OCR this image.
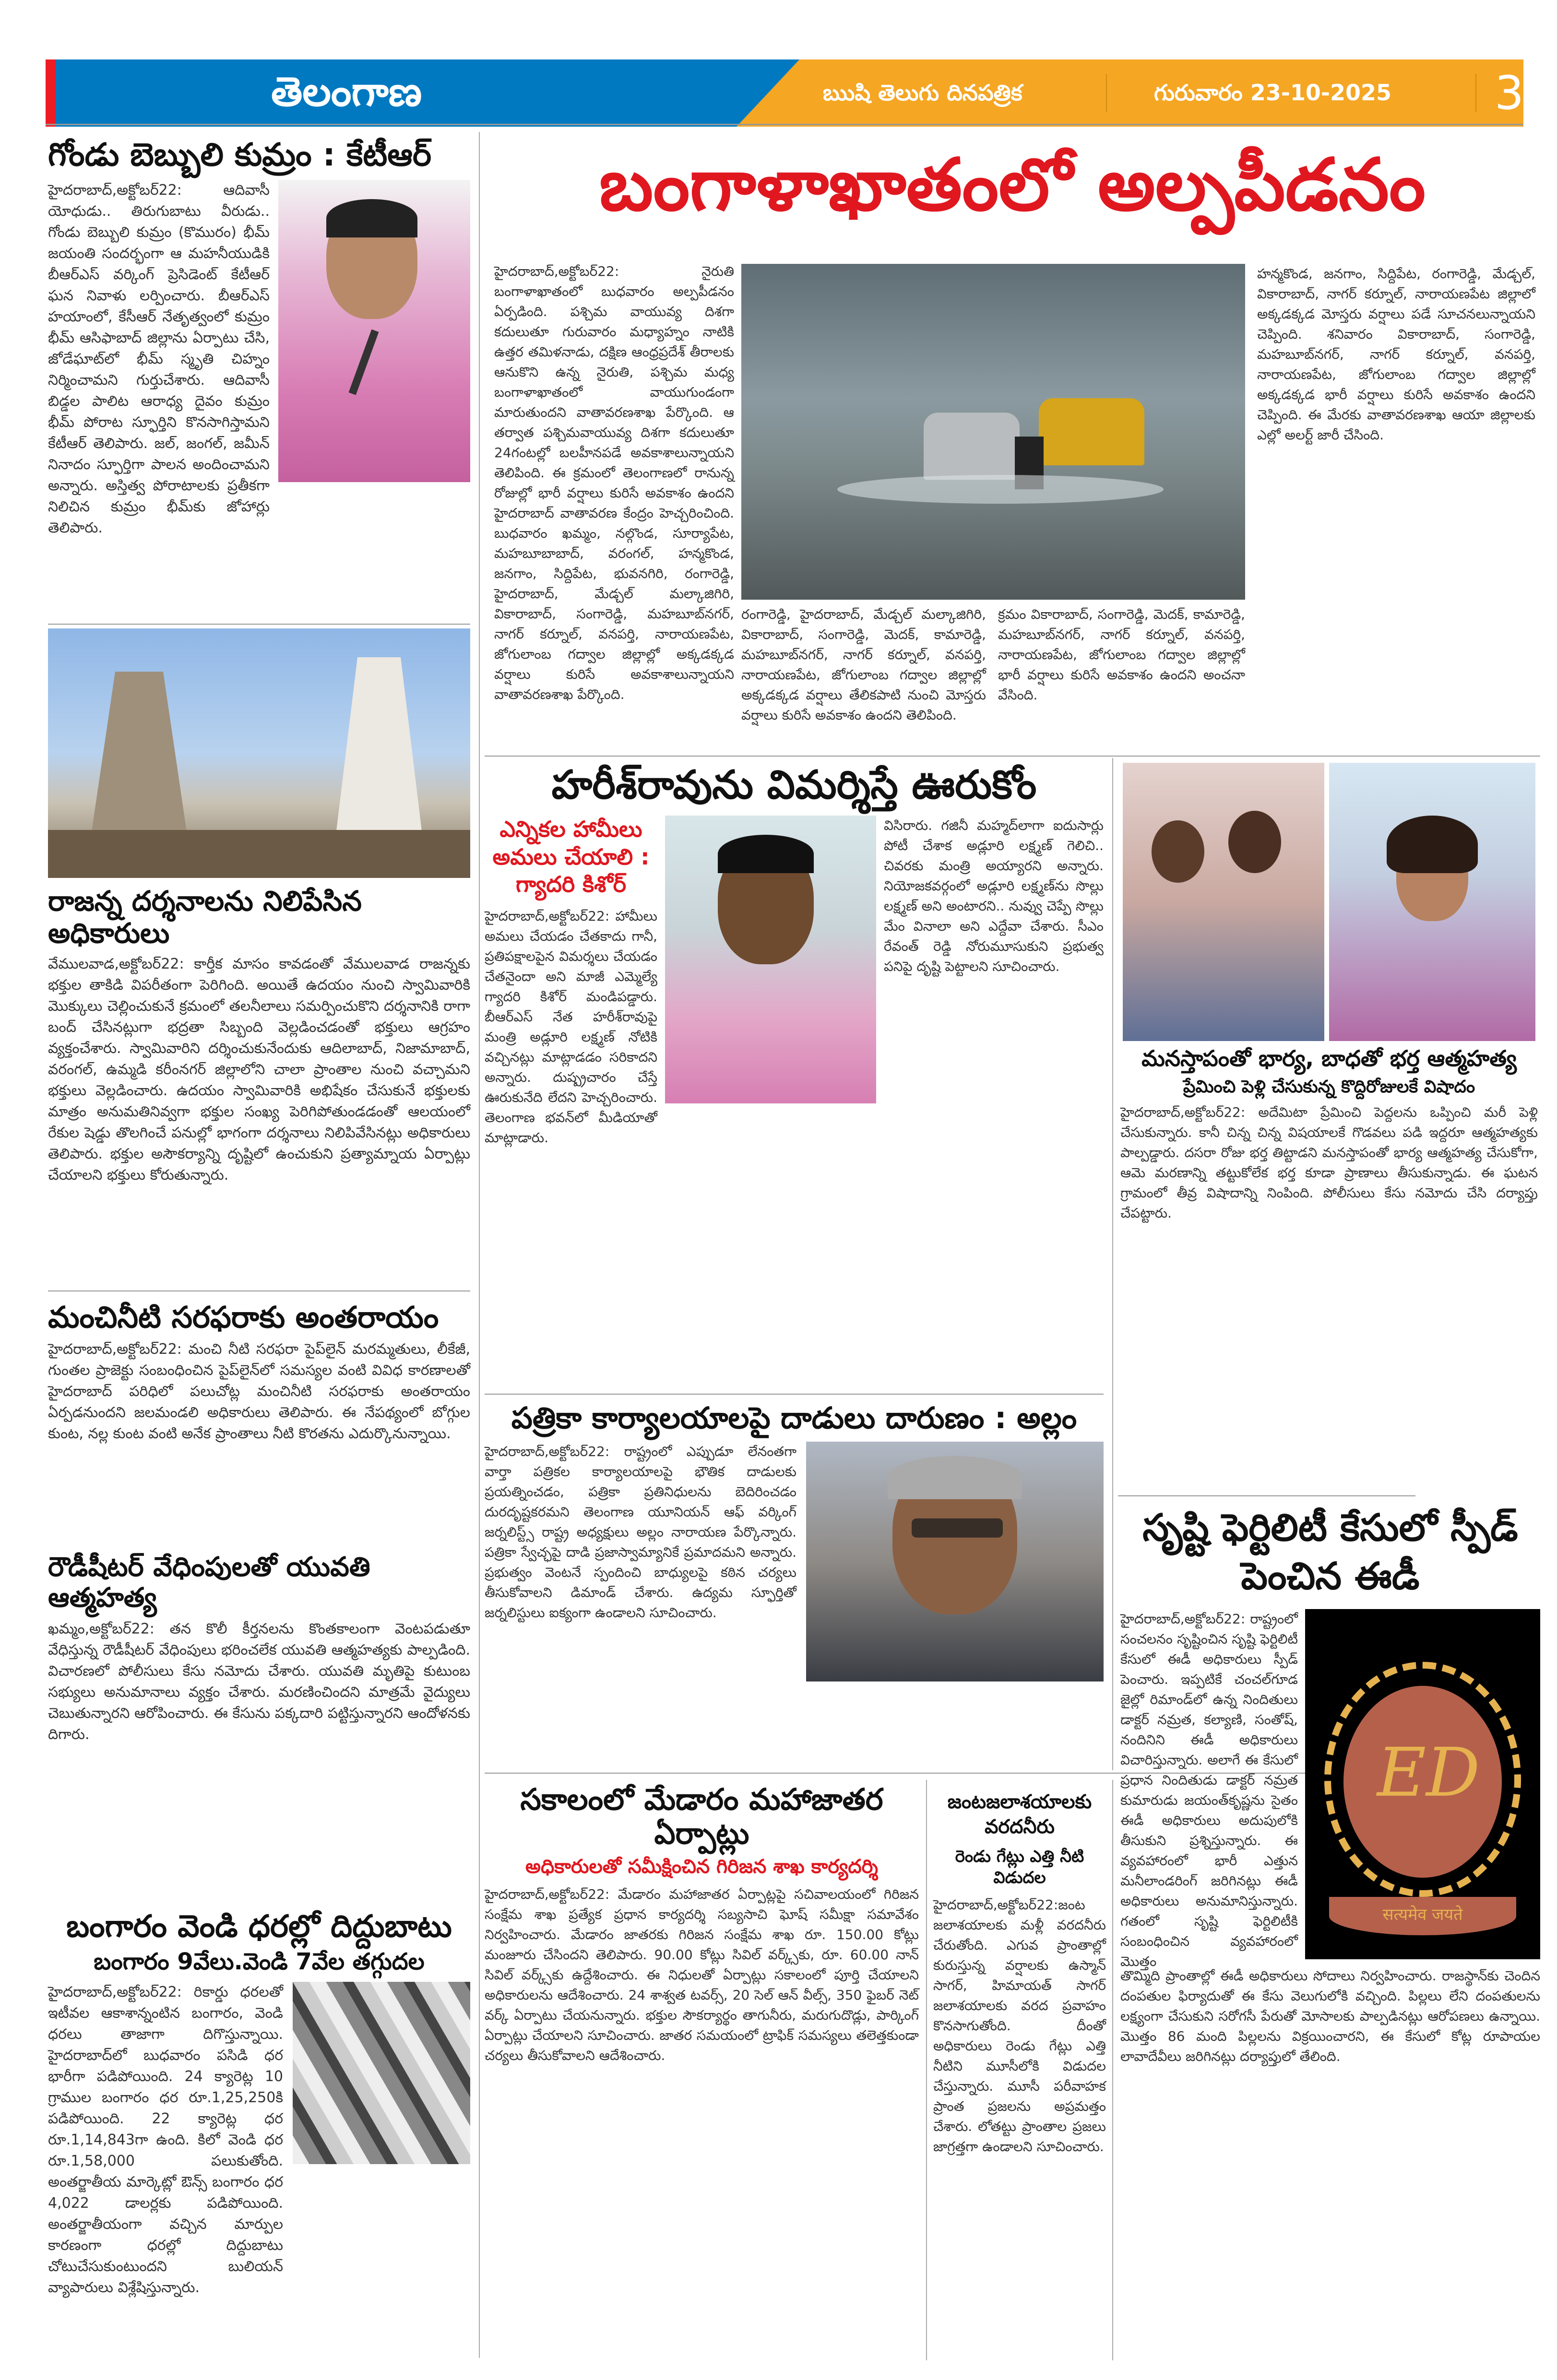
తెలంగాణ	ఋషి తెలుగు దినపత్రిక	గురువారం 23-10-2025 3
గోండు బెబ్బులి కుమ్రం : కేటీఆర్
హైదరాబాద్,అక్టోబర్22: ఆదివాసీ యోధుడు.. తిరుగుబాటు వీరుడు.. గోండు బెబ్బులి కుమ్రం (కొమురం) భీమ్ జయంతి సందర్భంగా ఆ మహనీయుడికి బీఆర్ఎస్ వర్కింగ్ ప్రెసిడెంట్ కేటీఆర్ ఘన నివాళు లర్పించారు. బీఆర్ఎస్ హయాంలో, కేసీఆర్ నేతృత్వంలో కుమ్రం భీమ్ ఆసిఫాబాద్ జిల్లాను ఏర్పాటు చేసి, జోడేఘాట్‌లో భీమ్ స్మృతి చిహ్నం నిర్మించామని గుర్తుచేశారు. ఆదివాసీ బిడ్డల పాలిట ఆరాధ్య దైవం కుమ్రం భీమ్ పోరాట స్ఫూర్తిని కొనసాగిస్తామని కేటీఆర్ తెలిపారు. జల్, జంగల్, జమీన్ నినాదం స్ఫూర్తిగా పాలన అందించామని అన్నారు. అస్తిత్వ పోరాటాలకు ప్రతీకగా నిలిచిన కుమ్రం భీమ్‌కు జోహార్లు తెలిపారు.
రాజన్న దర్శనాలను నిలిపేసిన అధికారులు
వేములవాడ,అక్టోబర్22: కార్తీక మాసం కావడంతో వేములవాడ రాజన్నకు భక్తుల తాకిడి విపరీతంగా పెరిగింది. అయితే ఉదయం నుంచి స్వామివారికి మొక్కులు చెల్లించుకునే క్రమంలో తలనీలాలు సమర్పించుకొని దర్శనానికి రాగా బంద్ చేసినట్లుగా భద్రతా సిబ్బంది వెల్లడించడంతో భక్తులు ఆగ్రహం వ్యక్తంచేశారు. స్వామివారిని దర్శించుకునేందుకు ఆదిలాబాద్, నిజామాబాద్, వరంగల్, ఉమ్మడి కరీంనగర్ జిల్లాలోని చాలా ప్రాంతాల నుంచి వచ్చామని భక్తులు వెల్లడించారు. ఉదయం స్వామివారికి అభిషేకం చేసుకునే భక్తులకు మాత్రం అనుమతినివ్వగా భక్తుల సంఖ్య పెరిగిపోతుండడంతో ఆలయంలో రేకుల షెడ్డు తొలగించే పనుల్లో భాగంగా దర్శనాలు నిలిపివేసినట్లు అధికారులు తెలిపారు. భక్తుల అసౌకర్యాన్ని దృష్టిలో ఉంచుకుని ప్రత్యామ్నాయ ఏర్పాట్లు చేయాలని భక్తులు కోరుతున్నారు.
మంచినీటి సరఫరాకు అంతరాయం
హైదరాబాద్,అక్టోబర్22: మంచి నీటి సరఫరా పైప్‌లైన్ మరమ్మతులు, లీకేజీ, గుంతల ప్రాజెక్టు సంబంధించిన పైప్‌లైన్‌లో సమస్యల వంటి వివిధ కారణాలతో హైదరాబాద్ పరిధిలో పలుచోట్ల మంచినీటి సరఫరాకు అంతరాయం ఏర్పడనుందని జలమండలి అధికారులు తెలిపారు. ఈ నేపథ్యంలో బోగ్గుల కుంట, నల్ల కుంట వంటి అనేక ప్రాంతాలు నీటి కొరతను ఎదుర్కొనున్నాయి.
రౌడీషీటర్ వేధింపులతో యువతి ఆత్మహత్య
ఖమ్మం,అక్టోబర్22: తన కొలీ కీర్తనలను కొంతకాలంగా వెంటపడుతూ వేధిస్తున్న రౌడీషీటర్ వేధింపులు భరించలేక యువతి ఆత్మహత్యకు పాల్పడింది. విచారణలో పోలీసులు కేసు నమోదు చేశారు. యువతి మృతిపై కుటుంబ సభ్యులు అనుమానాలు వ్యక్తం చేశారు. మరణించిందని మాత్రమే వైద్యులు చెబుతున్నారని ఆరోపించారు. ఈ కేసును పక్కదారి పట్టిస్తున్నారని ఆందోళనకు దిగారు.
బంగారం వెండి ధరల్లో దిద్దుబాటు
బంగారం 9వేలు.వెండి 7వేల తగ్గుదల
హైదరాబాద్,అక్టోబర్22: రికార్డు ధరలతో ఇటీవల ఆకాశాన్నంటిన బంగారం, వెండి ధరలు తాజాగా దిగొస్తున్నాయి. హైదరాబాద్‌లో బుధవారం పసిడి ధర భారీగా పడిపోయింది. 24 క్యారెట్ల 10 గ్రాముల బంగారం ధర రూ.1,25,250కి పడిపోయింది. 22 క్యారెట్ల ధర రూ.1,14,843గా ఉంది. కిలో వెండి ధర రూ.1,58,000 పలుకుతోంది. అంతర్జాతీయ మార్కెట్లో ఔన్స్ బంగారం ధర 4,022 డాలర్లకు పడిపోయింది. అంతర్జాతీయంగా వచ్చిన మార్పుల కారణంగా ధరల్లో దిద్దుబాటు చోటుచేసుకుంటుందని బులియన్ వ్యాపారులు విశ్లేషిస్తున్నారు.
బంగాళాఖాతంలో అల్పపీడనం
హైదరాబాద్,అక్టోబర్22: నైరుతి బంగాళాఖాతంలో బుధవారం అల్పపీడనం ఏర్పడింది. పశ్చిమ వాయువ్య దిశగా కదులుతూ గురువారం మధ్యాహ్నం నాటికి ఉత్తర తమిళనాడు, దక్షిణ ఆంధ్రప్రదేశ్ తీరాలకు ఆనుకొని ఉన్న నైరుతి, పశ్చిమ మధ్య బంగాళాఖాతంలో వాయుగుండంగా మారుతుందని వాతావరణశాఖ పేర్కొంది. ఆ తర్వాత పశ్చిమవాయువ్య దిశగా కదులుతూ 24గంటల్లో బలహీనపడే అవకాశాలున్నాయని తెలిపింది. ఈ క్రమంలో తెలంగాణలో రానున్న రోజుల్లో భారీ వర్షాలు కురిసే అవకాశం ఉందని హైదరాబాద్ వాతావరణ కేంద్రం హెచ్చరించింది. బుధవారం ఖమ్మం, నల్గొండ, సూర్యాపేట, మహబూబాబాద్, వరంగల్, హన్మకొండ, జనగాం, సిద్దిపేట, భువనగిరి, రంగారెడ్డి, హైదరాబాద్, మేడ్చల్ మల్కాజిగిరి, వికారాబాద్, సంగారెడ్డి, మహబూబ్‌నగర్, నాగర్ కర్నూల్, వనపర్తి, నారాయణపేట, జోగులాంబ గద్వాల జిల్లాల్లో అక్కడక్కడ వర్షాలు కురిసే అవకాశాలున్నాయని వాతావరణశాఖ పేర్కొంది.
రంగారెడ్డి, హైదరాబాద్, మేడ్చల్ మల్కాజిగిరి, వికారాబాద్, సంగారెడ్డి, మెదక్, కామారెడ్డి, మహబూబ్‌నగర్, నాగర్ కర్నూల్, వనపర్తి, నారాయణపేట, జోగులాంబ గద్వాల జిల్లాల్లో అక్కడక్కడ వర్షాలు తేలికపాటి నుంచి మోస్తరు వర్షాలు కురిసే అవకాశం ఉందని తెలిపింది.
క్రమం వికారాబాద్, సంగారెడ్డి, మెదక్, కామారెడ్డి, మహబూబ్‌నగర్, నాగర్ కర్నూల్, వనపర్తి, నారాయణపేట, జోగులాంబ గద్వాల జిల్లాల్లో భారీ వర్షాలు కురిసే అవకాశం ఉందని అంచనా వేసింది.
హన్మకొండ, జనగాం, సిద్దిపేట, రంగారెడ్డి, మేడ్చల్, వికారాబాద్, నాగర్ కర్నూల్, నారాయణపేట జిల్లాలో అక్కడక్కడ మోస్తరు వర్షాలు పడే సూచనలున్నాయని చెప్పింది. శనివారం వికారాబాద్, సంగారెడ్డి, మహబూబ్‌నగర్, నాగర్ కర్నూల్, వనపర్తి, నారాయణపేట, జోగులాంబ గద్వాల జిల్లాల్లో అక్కడక్కడ భారీ వర్షాలు కురిసే అవకాశం ఉందని చెప్పింది. ఈ మేరకు వాతావరణశాఖ ఆయా జిల్లాలకు ఎల్లో అలర్ట్ జారీ చేసింది.
హరీశ్‌రావును విమర్శిస్తే ఊరుకోం
ఎన్నికల హామీలు అమలు చేయాలి : గ్యాదరి కిశోర్
హైదరాబాద్,అక్టోబర్22: హామీలు అమలు చేయడం చేతకాదు గానీ, ప్రతిపక్షాలపైన విమర్శలు చేయడం చేతనైందా అని మాజీ ఎమ్మెల్యే గ్యాదరి కిశోర్ మండిపడ్డారు. బీఆర్ఎస్ నేత హరీశ్‌రావుపై మంత్రి అడ్లూరి లక్ష్మణ్ నోటికి వచ్చినట్లు మాట్లాడడం సరికాదని అన్నారు. దుష్ప్రచారం చేస్తే ఊరుకునేది లేదని హెచ్చరించారు. తెలంగాణ భవన్‌లో మీడియాతో మాట్లాడారు.
విసిరారు. గజినీ మహ్మద్‌లాగా ఐదుసార్లు పోటీ చేశాక అడ్లూరి లక్ష్మణ్ గెలిచి.. చివరకు మంత్రి అయ్యారని అన్నారు. నియోజకవర్గంలో అడ్లూరి లక్ష్మణ్‌ను సొల్లు లక్ష్మణ్ అని అంటారని.. నువ్వు చెప్పే సొల్లు మేం వినాలా అని ఎద్దేవా చేశారు. సీఎం రేవంత్ రెడ్డి నోరుమూసుకుని ప్రభుత్వ పనిపై దృష్టి పెట్టాలని సూచించారు.
పత్రికా కార్యాలయాలపై దాడులు దారుణం : అల్లం
హైదరాబాద్,అక్టోబర్22: రాష్ట్రంలో ఎప్పుడూ లేనంతగా వార్తా పత్రికల కార్యాలయాలపై భౌతిక దాడులకు ప్రయత్నించడం, పత్రికా ప్రతినిధులను బెదిరించడం దురదృష్టకరమని తెలంగాణ యూనియన్ ఆఫ్ వర్కింగ్ జర్నలిస్ట్స్ రాష్ట్ర అధ్యక్షులు అల్లం నారాయణ పేర్కొన్నారు. పత్రికా స్వేచ్ఛపై దాడి ప్రజాస్వామ్యానికే ప్రమాదమని అన్నారు. ప్రభుత్వం వెంటనే స్పందించి బాధ్యులపై కఠిన చర్యలు తీసుకోవాలని డిమాండ్ చేశారు. ఉద్యమ స్ఫూర్తితో జర్నలిస్టులు ఐక్యంగా ఉండాలని సూచించారు.
మనస్తాపంతో భార్య, బాధతో భర్త ఆత్మహత్య
ప్రేమించి పెళ్లి చేసుకున్న కొద్దిరోజులకే విషాదం
హైదరాబాద్,అక్టోబర్22: అదేమిటా ప్రేమించి పెద్దలను ఒప్పించి మరీ పెళ్లి చేసుకున్నారు. కానీ చిన్న చిన్న విషయాలకే గొడవలు పడి ఇద్దరూ ఆత్మహత్యకు పాల్పడ్డారు. దసరా రోజు భర్త తిట్టాడని మనస్తాపంతో భార్య ఆత్మహత్య చేసుకోగా, ఆమె మరణాన్ని తట్టుకోలేక భర్త కూడా ప్రాణాలు తీసుకున్నాడు. ఈ ఘటన గ్రామంలో తీవ్ర విషాదాన్ని నింపింది. పోలీసులు కేసు నమోదు చేసి దర్యాప్తు చేపట్టారు.
సృష్టి ఫెర్టిలిటీ కేసులో స్పీడ్ పెంచిన ఈడీ
హైదరాబాద్,అక్టోబర్22: రాష్ట్రంలో సంచలనం సృష్టించిన సృష్టి ఫెర్టిలిటీ కేసులో ఈడీ అధికారులు స్పీడ్ పెంచారు. ఇప్పటికే చంచల్‌గూడ జైల్లో రిమాండ్‌లో ఉన్న నిందితులు డాక్టర్ నమ్రత, కల్యాణి, సంతోష్, నందినిని ఈడీ అధికారులు విచారిస్తున్నారు. అలాగే ఈ కేసులో ప్రధాన నిందితుడు డాక్టర్ నమ్రత కుమారుడు జయంత్‌కృష్ణను సైతం ఈడీ అధికారులు అదుపులోకి తీసుకుని ప్రశ్నిస్తున్నారు. ఈ వ్యవహారంలో భారీ ఎత్తున మనీలాండరింగ్ జరిగినట్లు ఈడీ అధికారులు అనుమానిస్తున్నారు. గతంలో సృష్టి ఫెర్టిలిటీకి సంబంధించిన వ్యవహారంలో మొత్తం
ED
सत्यमेव जयते
తొమ్మిది ప్రాంతాల్లో ఈడీ అధికారులు సోదాలు నిర్వహించారు. రాజస్థాన్‌కు చెందిన దంపతుల ఫిర్యాదుతో ఈ కేసు వెలుగులోకి వచ్చింది. పిల్లలు లేని దంపతులను లక్ష్యంగా చేసుకుని సరోగసీ పేరుతో మోసాలకు పాల్పడినట్లు ఆరోపణలు ఉన్నాయి. మొత్తం 86 మంది పిల్లలను విక్రయించారని, ఈ కేసులో కోట్ల రూపాయల లావాదేవీలు జరిగినట్లు దర్యాప్తులో తేలింది.
సకాలంలో మేడారం మహాజాతర ఏర్పాట్లు
అధికారులతో సమీక్షించిన గిరిజన శాఖ కార్యదర్శి
హైదరాబాద్,అక్టోబర్22: మేడారం మహాజాతర ఏర్పాట్లపై సచివాలయంలో గిరిజన సంక్షేమ శాఖ ప్రత్యేక ప్రధాన కార్యదర్శి సబ్యసాచి ఘోష్ సమీక్షా సమావేశం నిర్వహించారు. మేడారం జాతరకు గిరిజన సంక్షేమ శాఖ రూ. 150.00 కోట్లు మంజూరు చేసిందని తెలిపారు. 90.00 కోట్లు సివిల్ వర్క్స్‌కు, రూ. 60.00 నాన్ సివిల్ వర్క్స్‌కు ఉద్దేశించారు. ఈ నిధులతో ఏర్పాట్లు సకాలంలో పూర్తి చేయాలని అధికారులను ఆదేశించారు. 24 శాశ్వత టవర్స్, 20 సెల్ ఆన్ వీల్స్, 350 ఫైబర్ నెట్ వర్క్ ఏర్పాటు చేయనున్నారు. భక్తుల సౌకర్యార్థం తాగునీరు, మరుగుదొడ్లు, పార్కింగ్ ఏర్పాట్లు చేయాలని సూచించారు. జాతర సమయంలో ట్రాఫిక్ సమస్యలు తలెత్తకుండా చర్యలు తీసుకోవాలని ఆదేశించారు.
జంటజలాశయాలకు వరదనీరు
రెండు గేట్లు ఎత్తి నీటి విడుదల
హైదరాబాద్,అక్టోబర్22:జంట జలాశయాలకు మళ్లీ వరదనీరు చేరుతోంది. ఎగువ ప్రాంతాల్లో కురుస్తున్న వర్షాలకు ఉస్మాన్ సాగర్, హిమాయత్ సాగర్ జలాశయాలకు వరద ప్రవాహం కొనసాగుతోంది. దీంతో అధికారులు రెండు గేట్లు ఎత్తి నీటిని మూసీలోకి విడుదల చేస్తున్నారు. మూసీ పరీవాహక ప్రాంత ప్రజలను అప్రమత్తం చేశారు. లోతట్టు ప్రాంతాల ప్రజలు జాగ్రత్తగా ఉండాలని సూచించారు.
